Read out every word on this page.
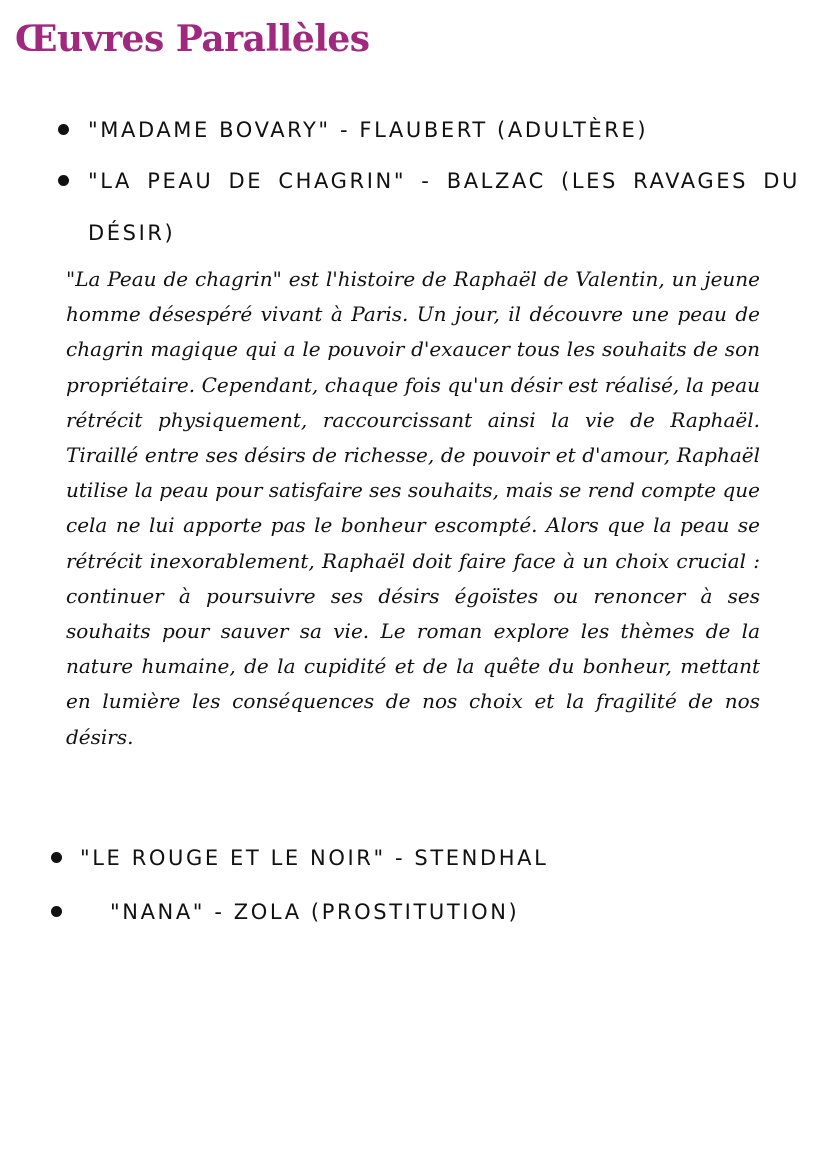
Œuvres Parallèles
"MADAME BOVARY" - FLAUBERT (ADULTÈRE)
"LA PEAU DE CHAGRIN" - BALZAC (LES RAVAGES DU DÉSIR)
"LE ROUGE ET LE NOIR" - STENDHAL
"NANA" - ZOLA (PROSTITUTION)

"La Peau de chagrin" est l'histoire de Raphaël de Valentin, un jeune homme désespéré vivant à Paris. Un jour, il découvre une peau de chagrin magique qui a le pouvoir d'exaucer tous les souhaits de son propriétaire. Cependant, chaque fois qu'un désir est réalisé, la peau rétrécit physiquement, raccourcissant ainsi la vie de Raphaël. Tiraillé entre ses désirs de richesse, de pouvoir et d'amour, Raphaël utilise la peau pour satisfaire ses souhaits, mais se rend compte que cela ne lui apporte pas le bonheur escompté. Alors que la peau se rétrécit inexorablement, Raphaël doit faire face à un choix crucial : continuer à poursuivre ses désirs égoïstes ou renoncer à ses souhaits pour sauver sa vie. Le roman explore les thèmes de la nature humaine, de la cupidité et de la quête du bonheur, mettant en lumière les conséquences de nos choix et la fragilité de nos désirs.
